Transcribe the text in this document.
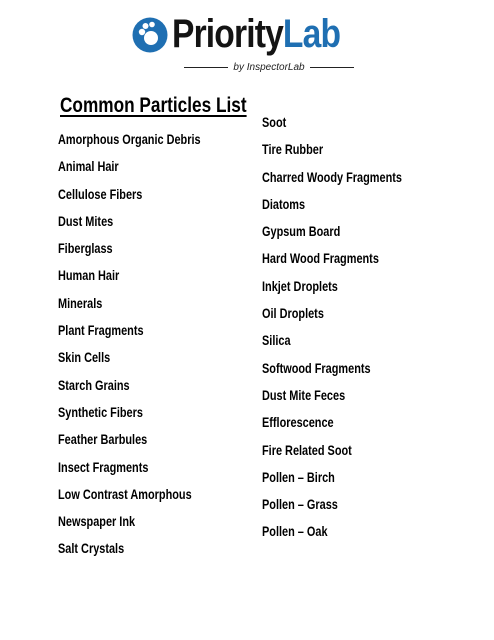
PriorityLab
by InspectorLab
Common Particles List
Amorphous Organic Debris
Animal Hair
Cellulose Fibers
Dust Mites
Fiberglass
Human Hair
Minerals
Plant Fragments
Skin Cells
Starch Grains
Synthetic Fibers
Feather Barbules
Insect Fragments
Low Contrast Amorphous
Newspaper Ink
Salt Crystals
Soot
Tire Rubber
Charred Woody Fragments
Diatoms
Gypsum Board
Hard Wood Fragments
Inkjet Droplets
Oil Droplets
Silica
Softwood Fragments
Dust Mite Feces
Efflorescence
Fire Related Soot
Pollen – Birch
Pollen – Grass
Pollen – Oak
